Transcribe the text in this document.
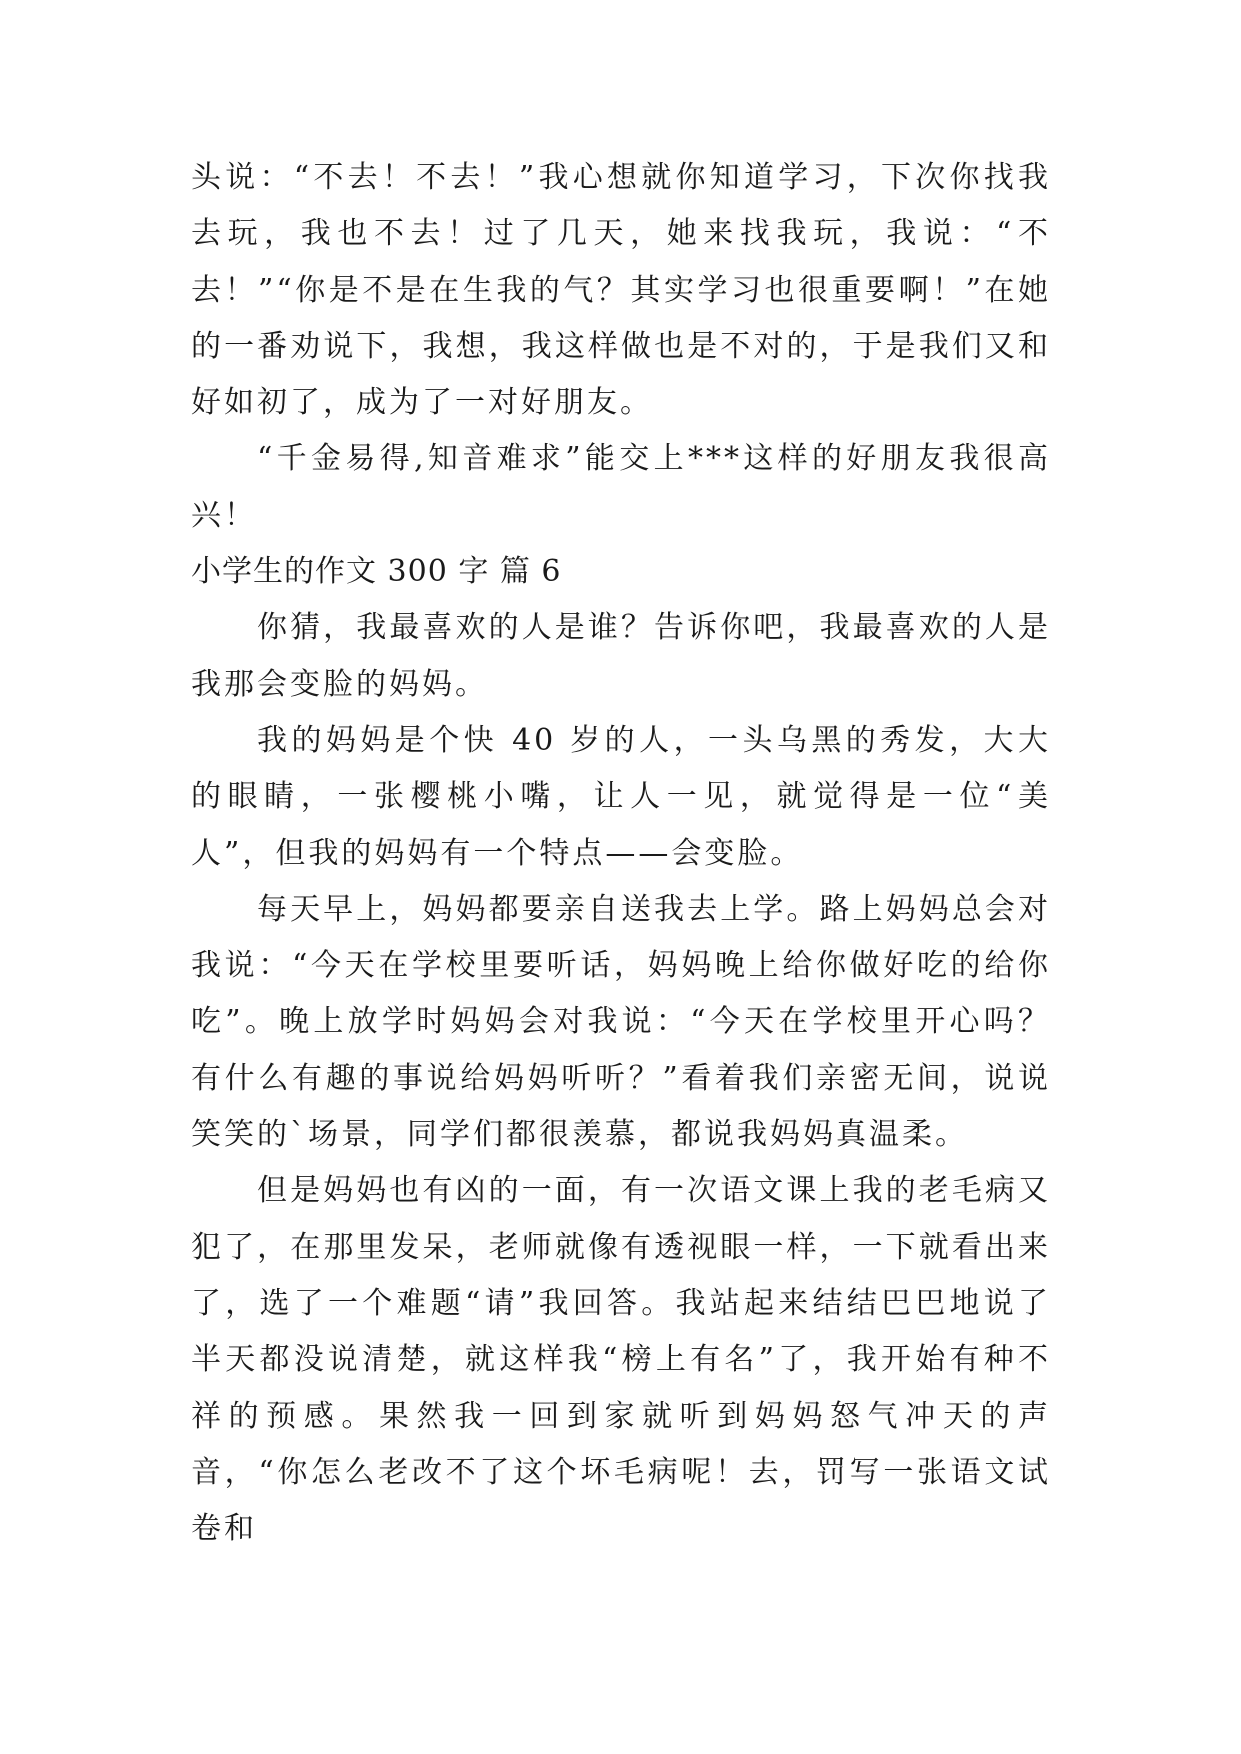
头说：“不去！不去！”我心想就你知道学习，下次你找我去玩，我也不去！过了几天，她来找我玩，我说：“不去！”“你是不是在生我的气？其实学习也很重要啊！”在她的一番劝说下，我想，我这样做也是不对的，于是我们又和好如初了，成为了一对好朋友。

“千金易得,知音难求”能交上***这样的好朋友我很高兴！

小学生的作文 300 字 篇 6

你猜，我最喜欢的人是谁？告诉你吧，我最喜欢的人是我那会变脸的妈妈。

我的妈妈是个快 40 岁的人，一头乌黑的秀发，大大的眼睛，一张樱桃小嘴，让人一见，就觉得是一位“美人”，但我的妈妈有一个特点——会变脸。

每天早上，妈妈都要亲自送我去上学。路上妈妈总会对我说：“今天在学校里要听话，妈妈晚上给你做好吃的给你吃”。晚上放学时妈妈会对我说：“今天在学校里开心吗？有什么有趣的事说给妈妈听听？”看着我们亲密无间，说说笑笑的`场景，同学们都很羡慕，都说我妈妈真温柔。

但是妈妈也有凶的一面，有一次语文课上我的老毛病又犯了，在那里发呆，老师就像有透视眼一样，一下就看出来了，选了一个难题“请”我回答。我站起来结结巴巴地说了半天都没说清楚，就这样我“榜上有名”了，我开始有种不祥的预感。果然我一回到家就听到妈妈怒气冲天的声音，“你怎么老改不了这个坏毛病呢！去，罚写一张语文试卷和
